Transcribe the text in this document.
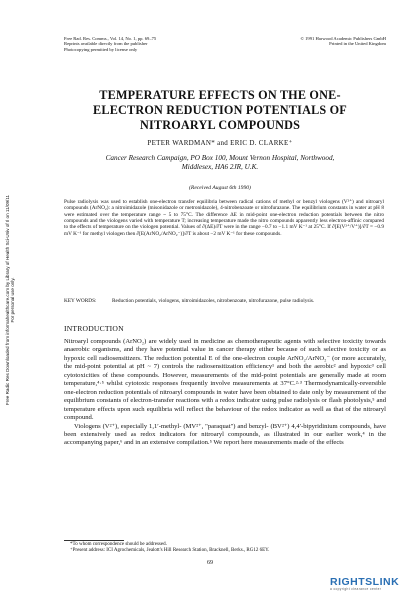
Free Rad. Res. Comms., Vol. 14, No. 1, pp. 69–75
Reprints available directly from the publisher
Photocopying permitted by license only
© 1991 Harwood Academic Publishers GmbH
Printed in the United Kingdom
Free Radic Res Downloaded from informahealthcare.com by Library of Health Sci-Univ of Il on 11/09/11 For personal use only.
TEMPERATURE EFFECTS ON THE ONE-
ELECTRON REDUCTION POTENTIALS OF
NITROARYL COMPOUNDS
PETER WARDMAN* and ERIC D. CLARKE⁺
Cancer Research Campaign, PO Box 100, Mount Vernon Hospital, Northwood,
Middlesex, HA6 2JR, U.K.
(Received August 6th 1990)
Pulse radiolysis was used to establish one-electron transfer equilibria between radical cations of methyl or benzyl viologens (V²⁺) and nitroaryl compounds (ArNO₂): a nitroimidazole (misonidazole or metronidazole), 4-nitrobenzoate or nitrofurazone. The equilibrium constants in water at pH 8 were estimated over the temperature range ~ 5 to 75°C. The difference ΔE in mid-point one-electron reduction potentials between the nitro compounds and the viologens varied with temperature T; increasing temperature made the nitro compounds apparently less electron-affinic compared to the effects of temperature on the viologen potential. Values of ∂(ΔE)/∂T were in the range −0.7 to −1.1 mV K⁻¹ at 25°C. If ∂[E(V²⁺/V⁺)]/∂T = −0.9 mV K⁻¹ for methyl viologen then ∂[E(ArNO₂/ArNO₂⁻)]/∂T is about −2 mV K⁻¹ for these compounds.
KEY WORDS:	Reduction potentials, viologens, nitroimidazoles, nitrobenzoate, nitrofurazone, pulse radiolysis.
INTRODUCTION

Nitroaryl compounds (ArNO₂) are widely used in medicine as chemotherapeutic agents with selective toxicity towards anaerobic organisms, and they have potential value in cancer therapy either because of such selective toxicity or as hypoxic cell radiosensitizers. The reduction potential E of the one-electron couple ArNO₂/ArNO₂⁻ (or more accurately, the mid-point potential at pH ~ 7) controls the radiosensitization efficiency¹ and both the aerobic² and hypoxic³ cell cytotoxicities of these compounds. However, measurements of the mid-point potentials are generally made at room temperature,⁴·⁵ whilst cytotoxic responses frequently involve measurements at 37°C.²·³ Thermodynamically-reversible one-electron reduction potentials of nitroaryl compounds in water have been obtained to date only by measurement of the equilibrium constants of electron-transfer reactions with a redox indicator using pulse radiolysis or flash photolysis,⁵ and temperature effects upon such equilibria will reflect the behaviour of the redox indicator as well as that of the nitroaryl compound.

Viologens (V²⁺), especially 1,1′-methyl- (MV²⁺, "paraquat") and benzyl- (BV²⁺) 4,4′-bipyridinium compounds, have been extensively used as redox indicators for nitroaryl compounds, as illustrated in our earlier work,⁴ in the accompanying paper,⁶ and in an extensive compilation.⁵ We report here measurements made of the effects

*To whom correspondence should be addressed.
⁺Present address: ICI Agrochemicals, Jealott's Hill Research Station, Bracknell, Berks., RG12 6EY.
69
RIGHTSLINK
a copyright clearance center
